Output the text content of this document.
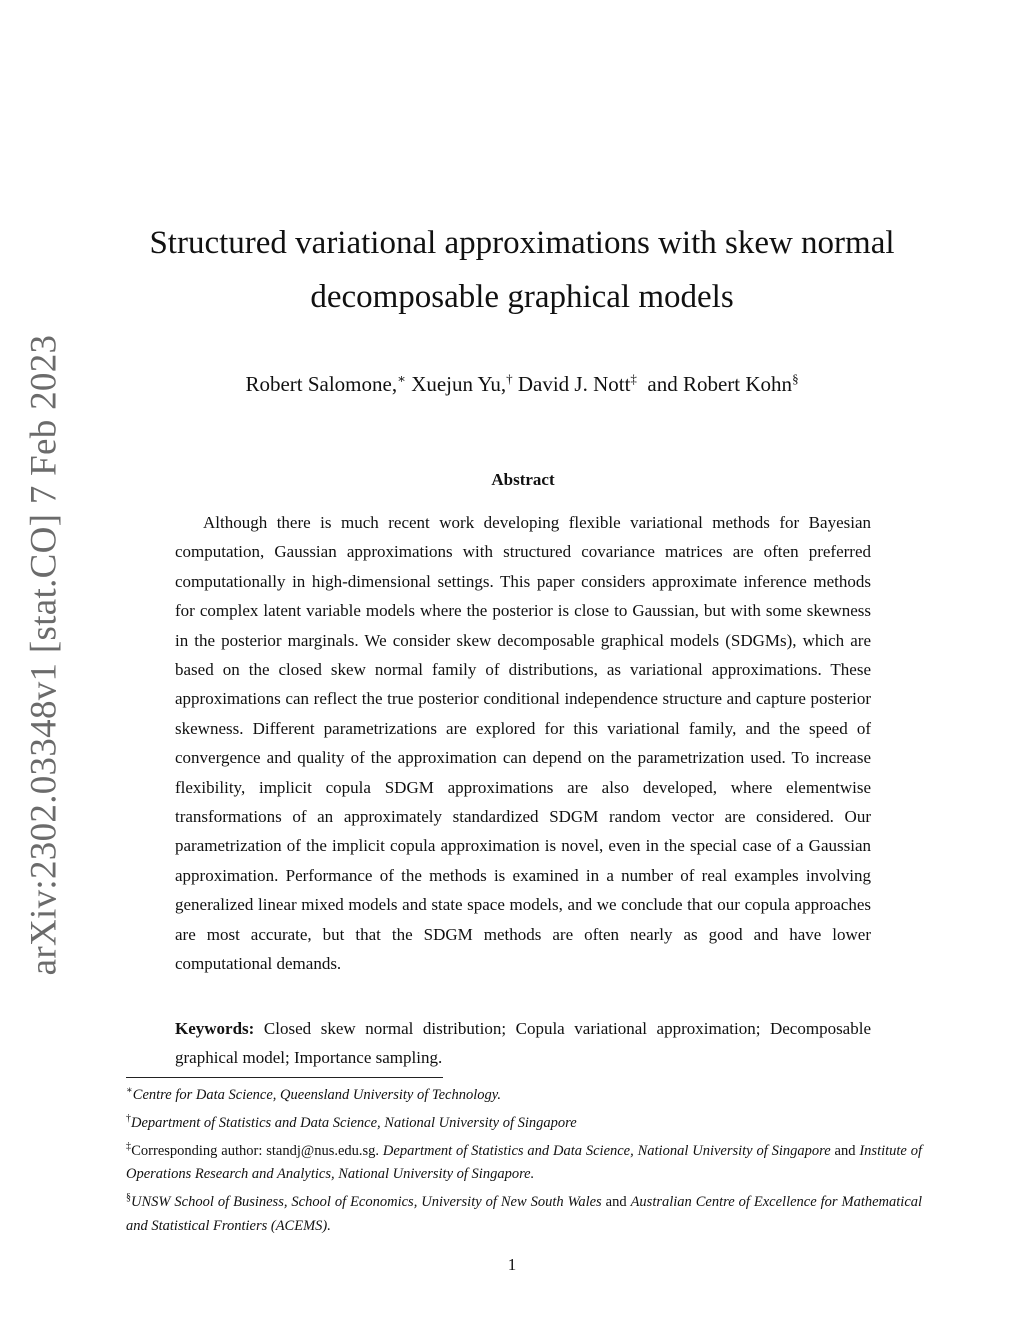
arXiv:2302.03348v1 [stat.CO] 7 Feb 2023
Structured variational approximations with skew normal
decomposable graphical models
Robert Salomone,∗ Xuejun Yu,† David J. Nott‡ and Robert Kohn§
Abstract

Although there is much recent work developing flexible variational methods for Bayesian computation, Gaussian approximations with structured covariance matrices are often preferred computationally in high-dimensional settings. This paper considers approximate inference methods for complex latent variable models where the posterior is close to Gaussian, but with some skewness in the posterior marginals. We consider skew decomposable graphical models (SDGMs), which are based on the closed skew normal family of distributions, as variational approximations. These approximations can reflect the true posterior conditional independence structure and capture posterior skewness. Different parametrizations are explored for this variational family, and the speed of convergence and quality of the approximation can depend on the parametrization used. To increase flexibility, implicit copula SDGM approximations are also developed, where elementwise transformations of an approximately standardized SDGM random vector are considered. Our parametrization of the implicit copula approximation is novel, even in the special case of a Gaussian approximation. Performance of the methods is examined in a number of real examples involving generalized linear mixed models and state space models, and we conclude that our copula approaches are most accurate, but that the SDGM methods are often nearly as good and have lower computational demands.

Keywords: Closed skew normal distribution; Copula variational approximation; Decomposable graphical model; Importance sampling.

∗Centre for Data Science, Queensland University of Technology.

†Department of Statistics and Data Science, National University of Singapore

‡Corresponding author: standj@nus.edu.sg. Department of Statistics and Data Science, National University of Singapore and Institute of Operations Research and Analytics, National University of Singapore.

§UNSW School of Business, School of Economics, University of New South Wales and Australian Centre of Excellence for Mathematical and Statistical Frontiers (ACEMS).

1
